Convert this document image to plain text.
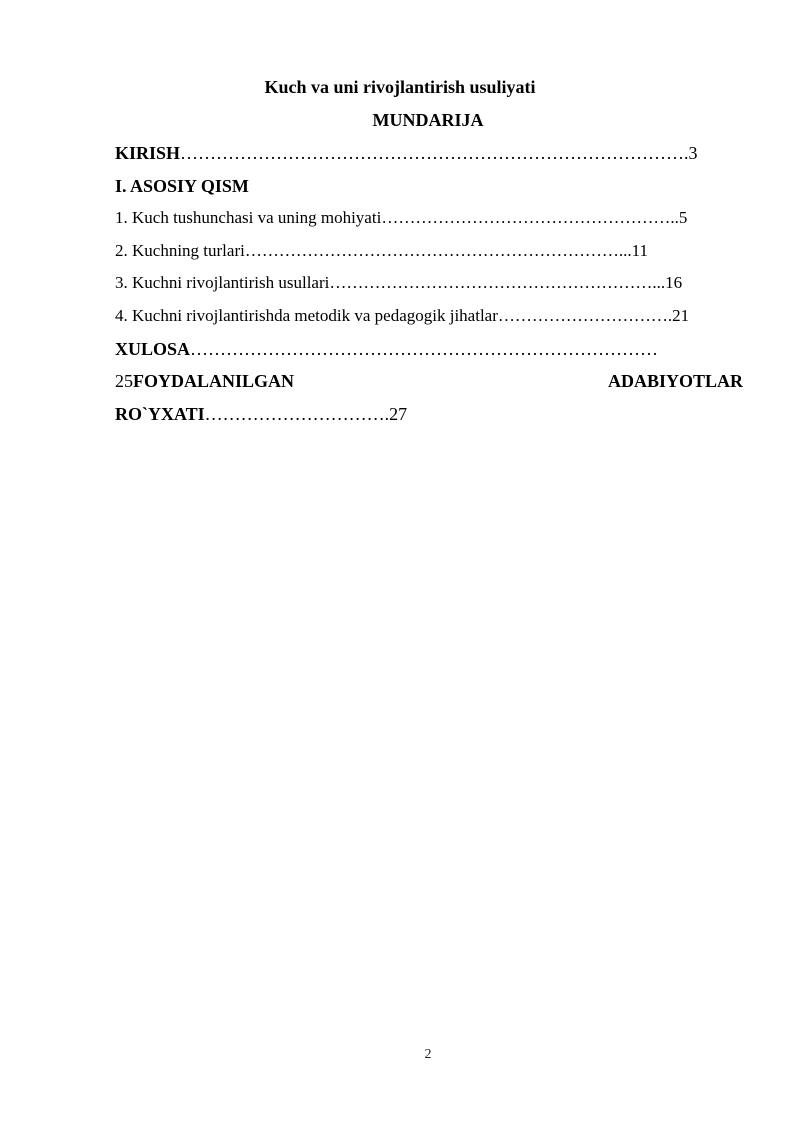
Kuch va uni rivojlantirish usuliyati
MUNDARIJA
KIRISH………………………………………………………………………….3
I. ASOSIY QISM
1. Kuch tushunchasi va uning mohiyati……………………………………………..5
2. Kuchning turlari…………………………………………………………...11
3. Kuchni rivojlantirish usullari…………………………………………………...16
4. Kuchni rivojlantirishda metodik va pedagogik jihatlar………………………….21
XULOSA……………………………………………………………………
25FOYDALANILGAN	ADABIYOTLAR
RO`YXATI………………………….27
2
